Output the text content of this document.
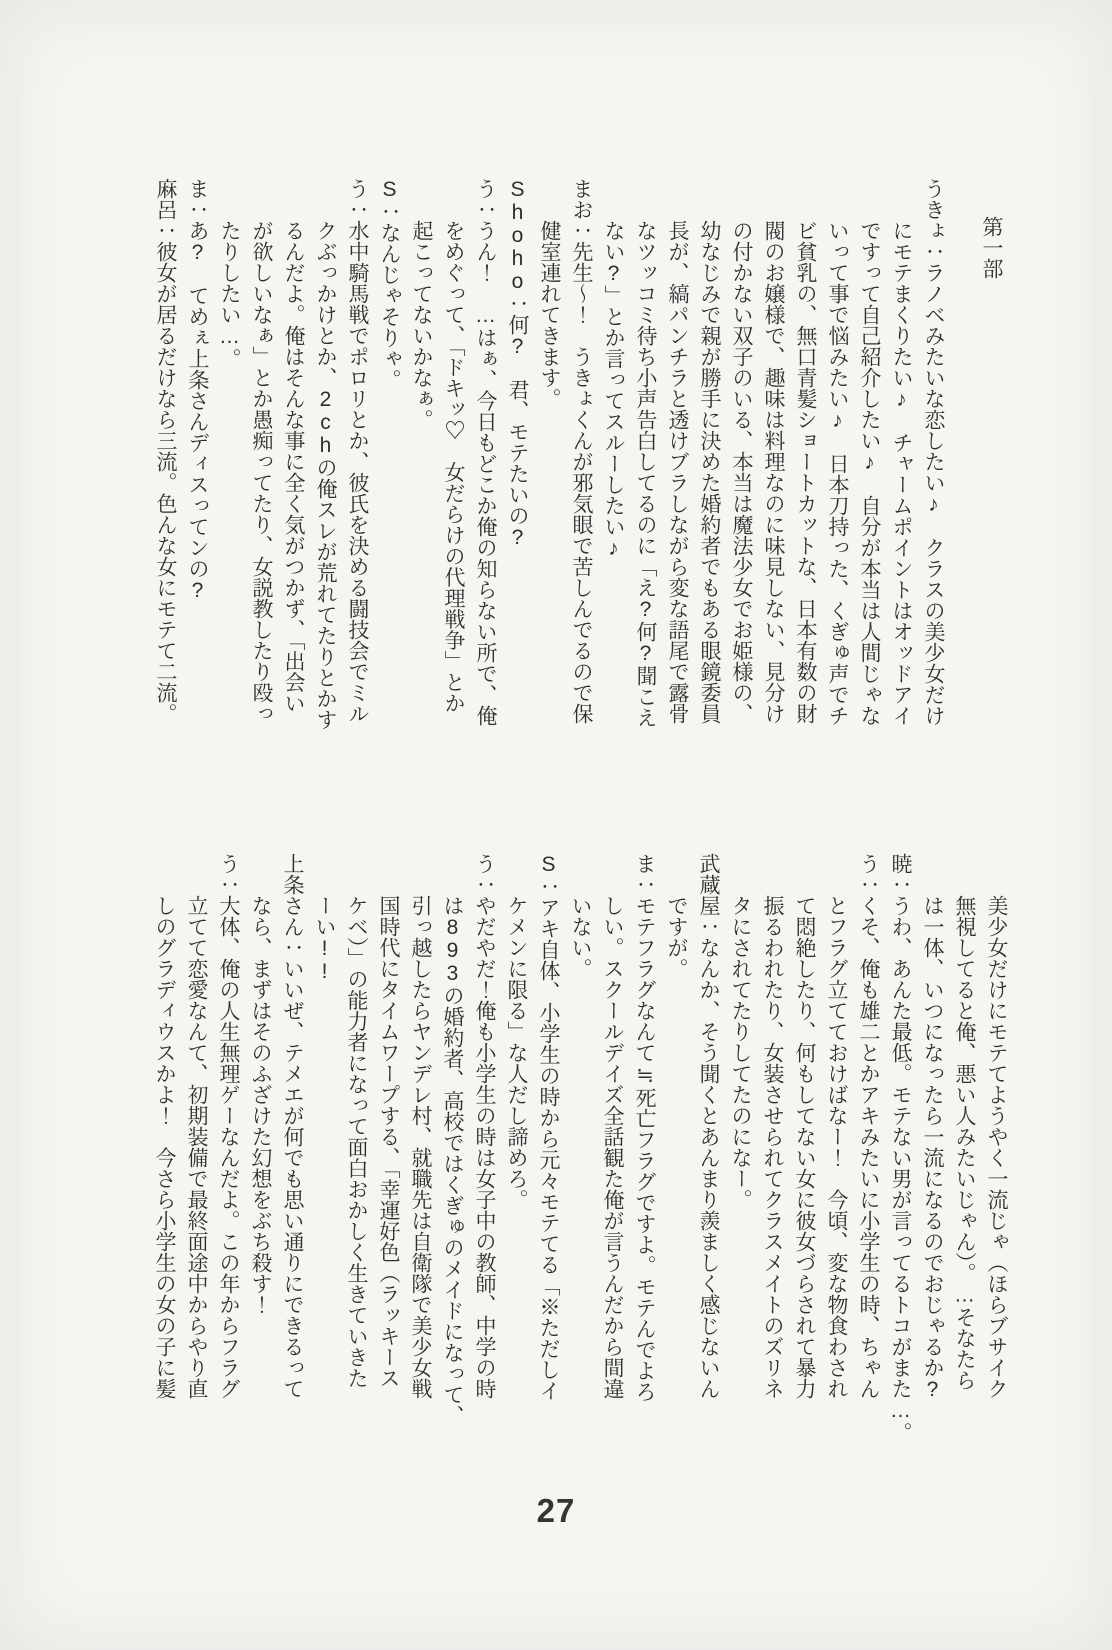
第一部
うきょ：ラノベみたいな恋したい♪　クラスの美少女だけ
にモテまくりたい♪　チャームポイントはオッドアイ
ですって自己紹介したい♪　自分が本当は人間じゃな
いって事で悩みたい♪　日本刀持った、くぎゅ声でチ
ビ貧乳の、無口青髪ショートカットな、日本有数の財
閥のお嬢様で、趣味は料理なのに味見しない、見分け
の付かない双子のいる、本当は魔法少女でお姫様の、
幼なじみで親が勝手に決めた婚約者でもある眼鏡委員
長が、縞パンチラと透けブラしながら変な語尾で露骨
なツッコミ待ち小声告白してるのに「え?何?聞こえ
ない?」とか言ってスルーしたい♪
まお：先生〜！　うきょくんが邪気眼で苦しんでるので保
健室連れてきます。
Shoho：何?　君、モテたいの?
う：うん！　…はぁ、今日もどこか俺の知らない所で、俺
をめぐって、「ドキッ♡　女だらけの代理戦争」とか
起こってないかなぁ。
S：なんじゃそりゃ。
う：水中騎馬戦でポロリとか、彼氏を決める闘技会でミル
クぶっかけとか、2chの俺スレが荒れてたりとかす
るんだよ。俺はそんな事に全く気がつかず、「出会い
が欲しいなぁ」とか愚痴ってたり、女説教したり殴っ
たりしたい…。
ま：あ?　てめぇ上条さんディスってンの?
麻呂：彼女が居るだけなら三流。色んな女にモテて二流。
美少女だけにモテてようやく一流じゃ（ほらブサイク
無視してると俺、悪い人みたいじゃん）。…そなたら
は一体、いつになったら一流になるのでおじゃるか?
暁：うわ、あんた最低。モテない男が言ってるトコがまた…。
う：くそ、俺も雄二とかアキみたいに小学生の時、ちゃん
とフラグ立てておけばなー！　今頃、変な物食わされ
て悶絶したり、何もしてない女に彼女づらされて暴力
振るわれたり、女装させられてクラスメイトのズリネ
タにされてたりしてたのになー。
武蔵屋：なんか、そう聞くとあんまり羨ましく感じないん
ですが。
ま：モテフラグなんて≒死亡フラグですよ。モテんでよろ
しい。スクールデイズ全話観た俺が言うんだから間違
いない。
S：アキ自体、小学生の時から元々モテてる「※ただしイ
ケメンに限る」な人だし諦めろ。
う：やだやだ！俺も小学生の時は女子中の教師、中学の時
は893の婚約者、高校ではくぎゅのメイドになって、
引っ越したらヤンデレ村、就職先は自衛隊で美少女戦
国時代にタイムワープする、「幸運好色（ラッキース
ケベ）」の能力者になって面白おかしく生きていきた
ーい!!
上条さん：いいぜ、テメエが何でも思い通りにできるって
なら、まずはそのふざけた幻想をぶち殺す！
う：大体、俺の人生無理ゲーなんだよ。この年からフラグ
立てて恋愛なんて、初期装備で最終面途中からやり直
しのグラディウスかよ！　今さら小学生の女の子に髪
27
